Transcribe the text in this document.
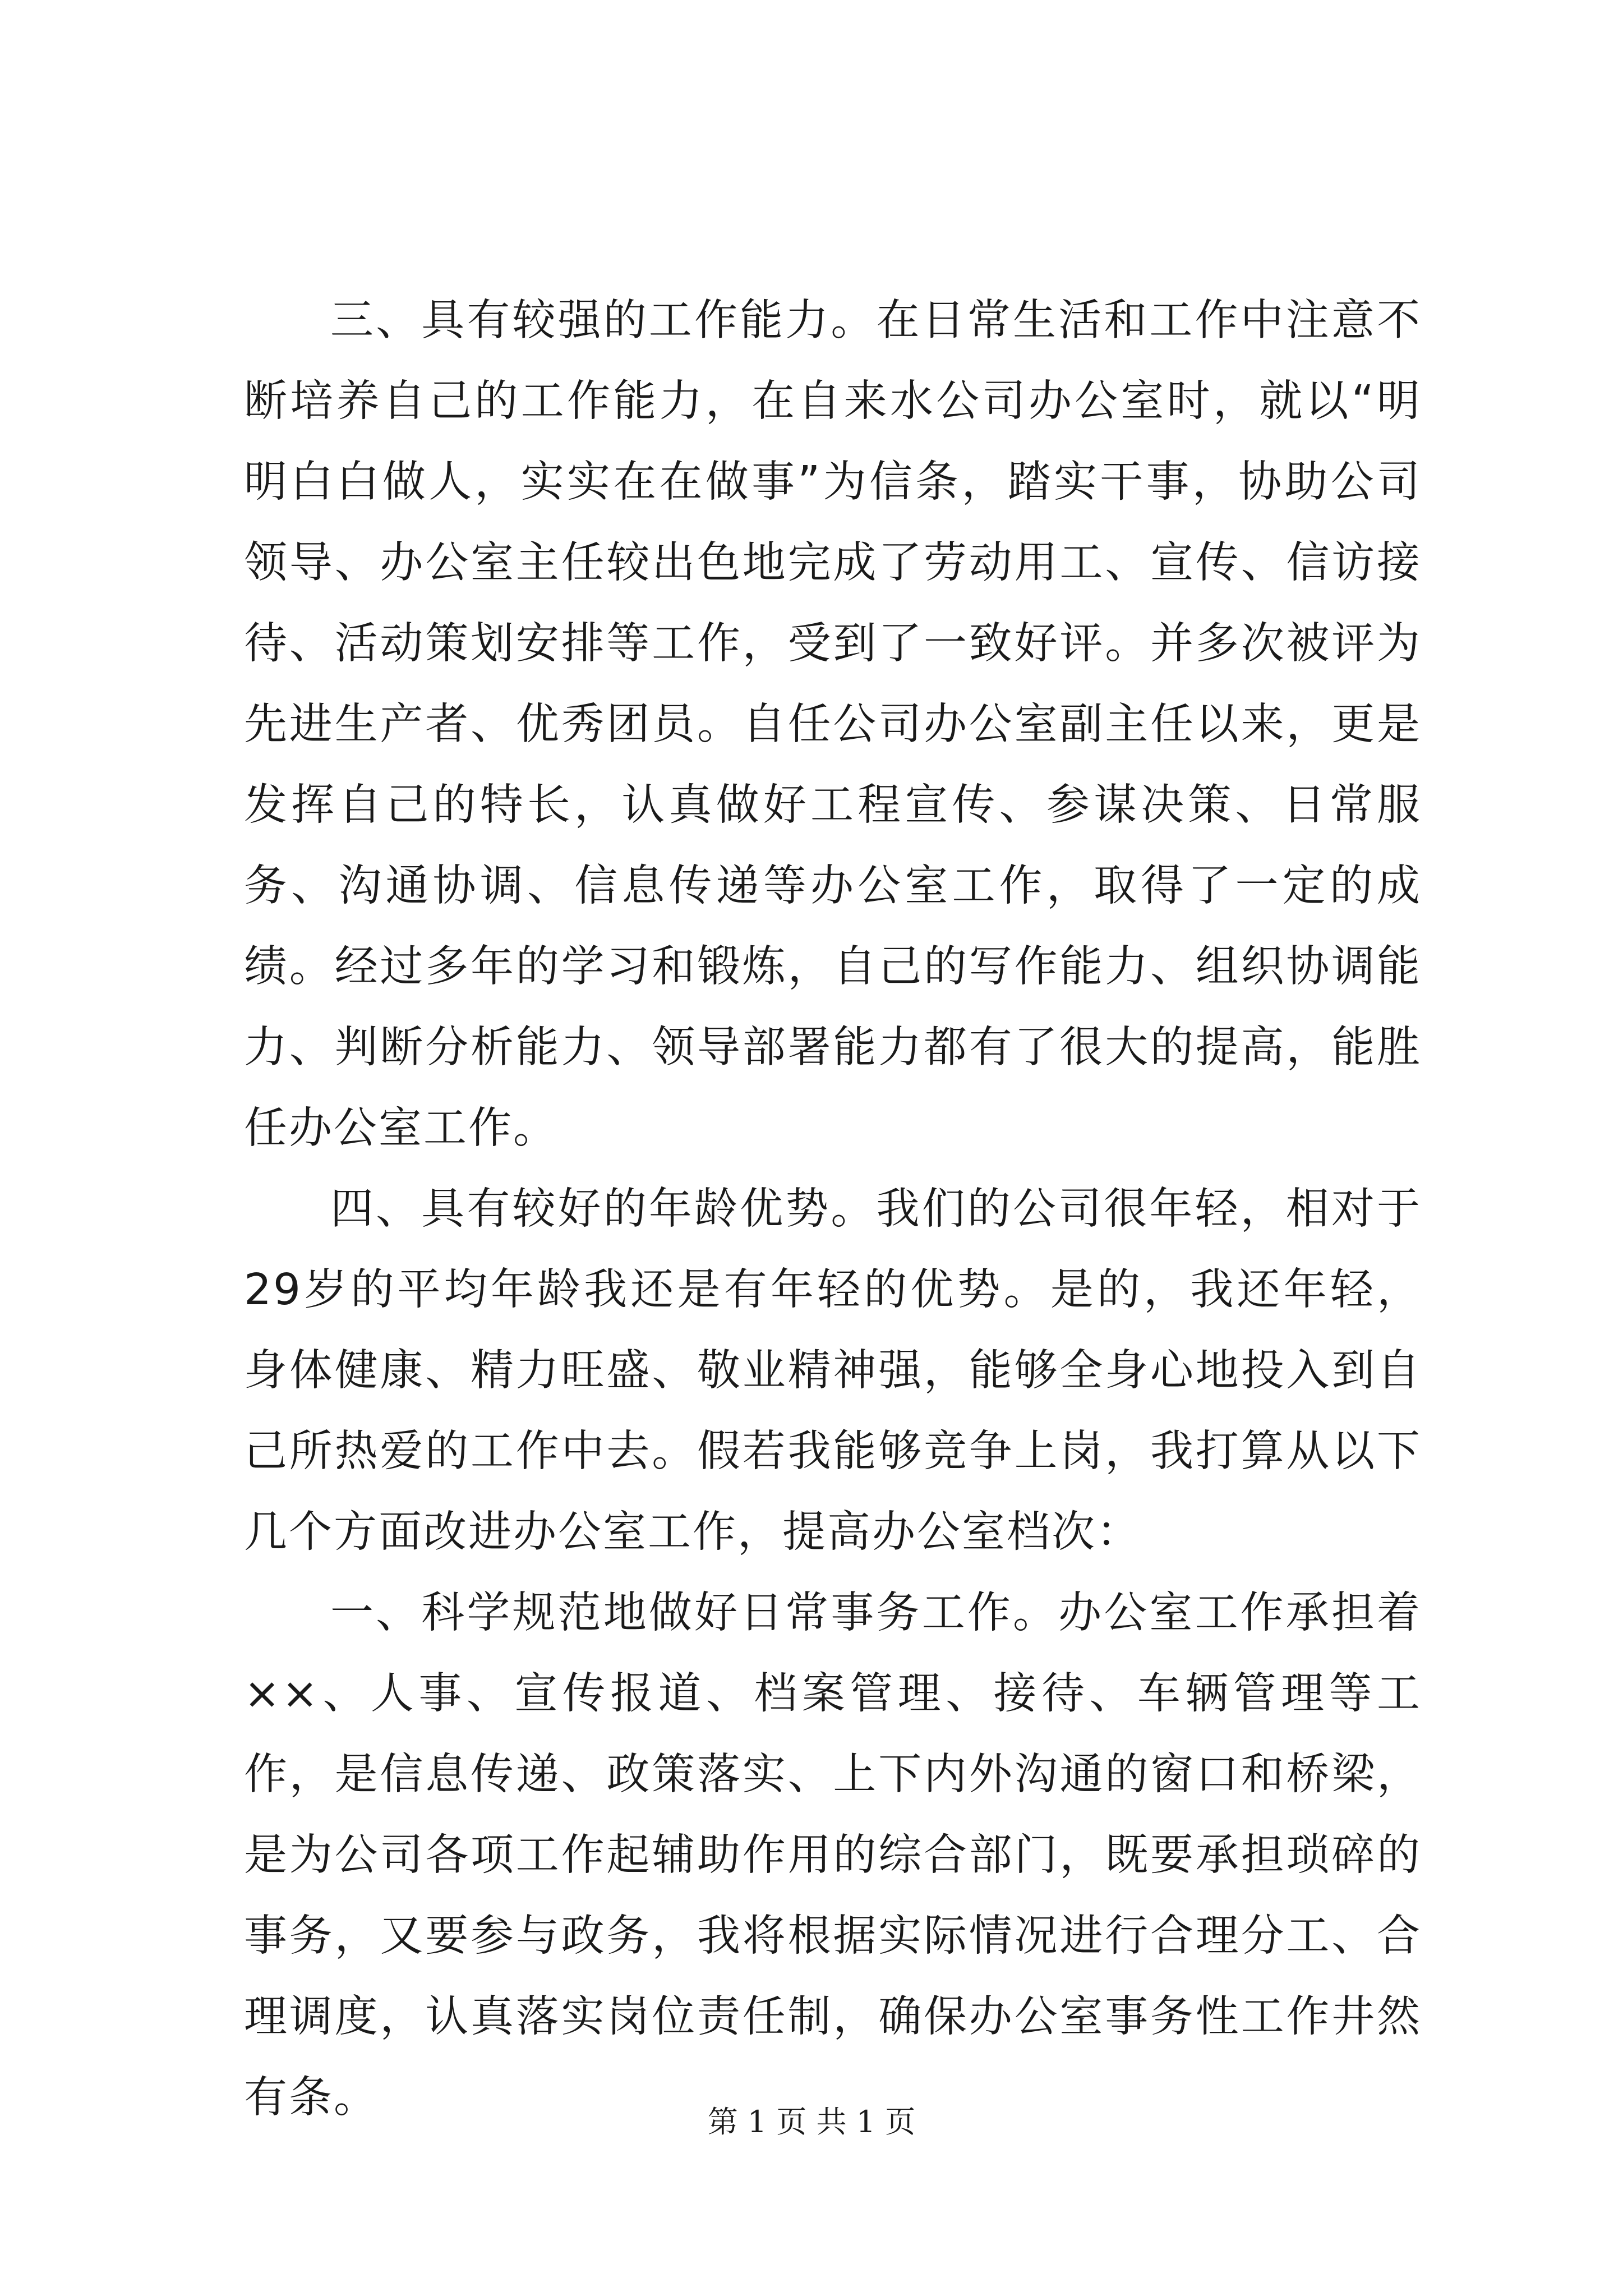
三、具有较强的工作能力。在日常生活和工作中注意不断培养自己的工作能力，在自来水公司办公室时，就以“明明白白做人，实实在在做事”为信条，踏实干事，协助公司领导、办公室主任较出色地完成了劳动用工、宣传、信访接待、活动策划安排等工作，受到了一致好评。并多次被评为先进生产者、优秀团员。自任公司办公室副主任以来，更是发挥自己的特长，认真做好工程宣传、参谋决策、日常服务、沟通协调、信息传递等办公室工作，取得了一定的成绩。经过多年的学习和锻炼，自己的写作能力、组织协调能力、判断分析能力、领导部署能力都有了很大的提高，能胜任办公室工作。

四、具有较好的年龄优势。我们的公司很年轻，相对于29岁的平均年龄我还是有年轻的优势。是的，我还年轻，身体健康、精力旺盛、敬业精神强，能够全身心地投入到自己所热爱的工作中去。假若我能够竞争上岗，我打算从以下几个方面改进办公室工作，提高办公室档次：

一、科学规范地做好日常事务工作。办公室工作承担着××、人事、宣传报道、档案管理、接待、车辆管理等工作，是信息传递、政策落实、上下内外沟通的窗口和桥梁，是为公司各项工作起辅助作用的综合部门，既要承担琐碎的事务，又要参与政务，我将根据实际情况进行合理分工、合理调度，认真落实岗位责任制，确保办公室事务性工作井然有条。	第 1 页 共 1 页
